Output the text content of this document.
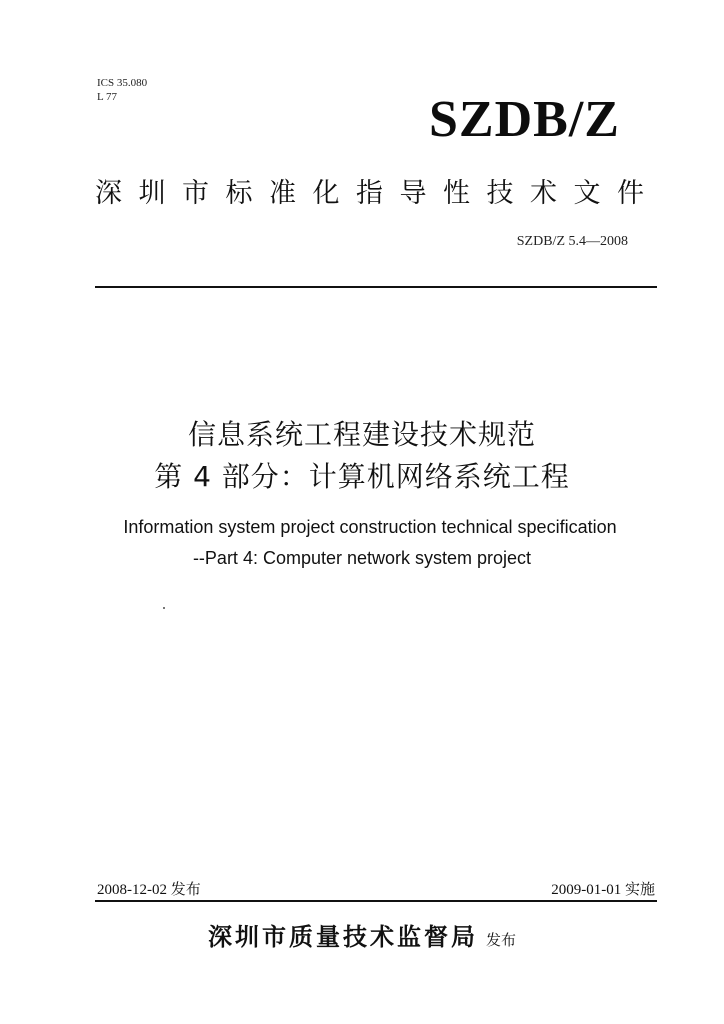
ICS 35.080
L 77	SZDB/Z
深圳市标准化指导性技术文件
SZDB/Z 5.4—2008
信息系统工程建设技术规范
第 4 部分：计算机网络系统工程
Information system project construction technical specification
--Part 4: Computer network system project
2008-12-02 发布	2009-01-01 实施
深圳市质量技术监督局 发布
